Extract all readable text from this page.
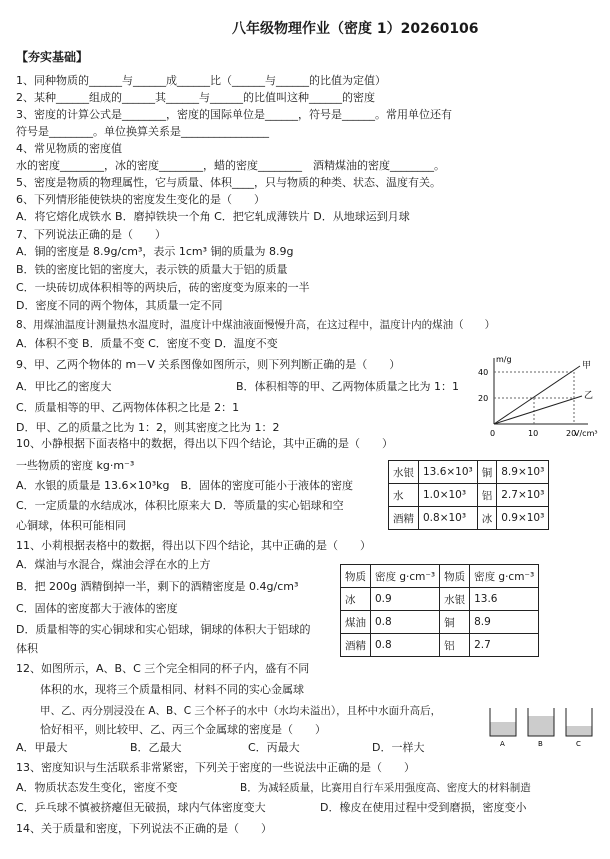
八年级物理作业（密度 1）20260106
【夯实基础】
1、同种物质的______与______成______比（______与______的比值为定值）
2、某种______组成的______其______与______的比值叫这种______的密度
3、密度的计算公式是________，密度的国际单位是______，符号是______。常用单位还有
符号是________。单位换算关系是________________
4、常见物质的密度值
水的密度________，冰的密度________，蜡的密度________　酒精煤油的密度________。
5、密度是物质的物理属性，它与质量、体积____，只与物质的种类、状态、温度有关。
6、下列情形能使铁块的密度发生变化的是（　　）
A．将它熔化成铁水 B．磨掉铁块一个角 C．把它轧成薄铁片 D．从地球运到月球
7、下列说法正确的是（　　）
A．铜的密度是 8.9g/cm³，表示 1cm³ 铜的质量为 8.9g
B．铁的密度比铝的密度大，表示铁的质量大于铝的质量
C．一块砖切成体积相等的两块后，砖的密度变为原来的一半
D．密度不同的两个物体，其质量一定不同
8、用煤油温度计测量热水温度时，温度计中煤油液面慢慢升高，在这过程中，温度计内的煤油（　　）
A．体积不变 B．质量不变 C．密度不变 D．温度不变
9、甲、乙两个物体的 m－V 关系图像如图所示，则下列判断正确的是（　　）
A．甲比乙的密度大	B．体积相等的甲、乙两物体质量之比为 1：1
C．质量相等的甲、乙两物体体积之比是 2：1
D．甲、乙的质量之比为 1：2，则其密度之比为 1：2
10、小静根据下面表格中的数据，得出以下四个结论，其中正确的是（　　）
一些物质的密度 kg·m⁻³
A．水银的质量是 13.6×10³kg　B．固体的密度可能小于液体的密度
C．一定质量的水结成冰，体积比原来大 D．等质量的实心铝球和空
心铜球，体积可能相同
11、小莉根据表格中的数据，得出以下四个结论，其中正确的是（　　）
A．煤油与水混合，煤油会浮在水的上方
B．把 200g 酒精倒掉一半，剩下的酒精密度是 0.4g/cm³
C．固体的密度都大于液体的密度
D．质量相等的实心铜球和实心铝球，铜球的体积大于铝球的
体积
12、如图所示，A、B、C 三个完全相同的杯子内，盛有不同
体积的水，现将三个质量相同、材料不同的实心金属球
甲、乙、丙分别浸没在 A、B、C 三个杯子的水中（水均未溢出），且杯中水面升高后，
恰好相平，则比较甲、乙、丙三个金属球的密度是（　　）
A．甲最大	B．乙最大	C．丙最大	D．一样大
13、密度知识与生活联系非常紧密，下列关于密度的一些说法中正确的是（　　）
A．物质状态发生变化，密度不变	B．为减轻质量，比赛用自行车采用强度高、密度大的材料制造
C．乒乓球不慎被挤瘪但无破损，球内气体密度变大	D．橡皮在使用过程中受到磨损，密度变小
14、关于质量和密度，下列说法不正确的是（　　）
水银	13.6×10³	铜	8.9×10³
水	1.0×10³	铝	2.7×10³
酒精	0.8×10³	冰	0.9×10³
物质	密度 g·cm⁻³	物质	密度 g·cm⁻³
冰	0.9	水银	13.6
煤油	0.8	铜	8.9
酒精	0.8	铝	2.7
m/g
V/cm³
40
20
0	10	20
甲
乙
A	B	C
